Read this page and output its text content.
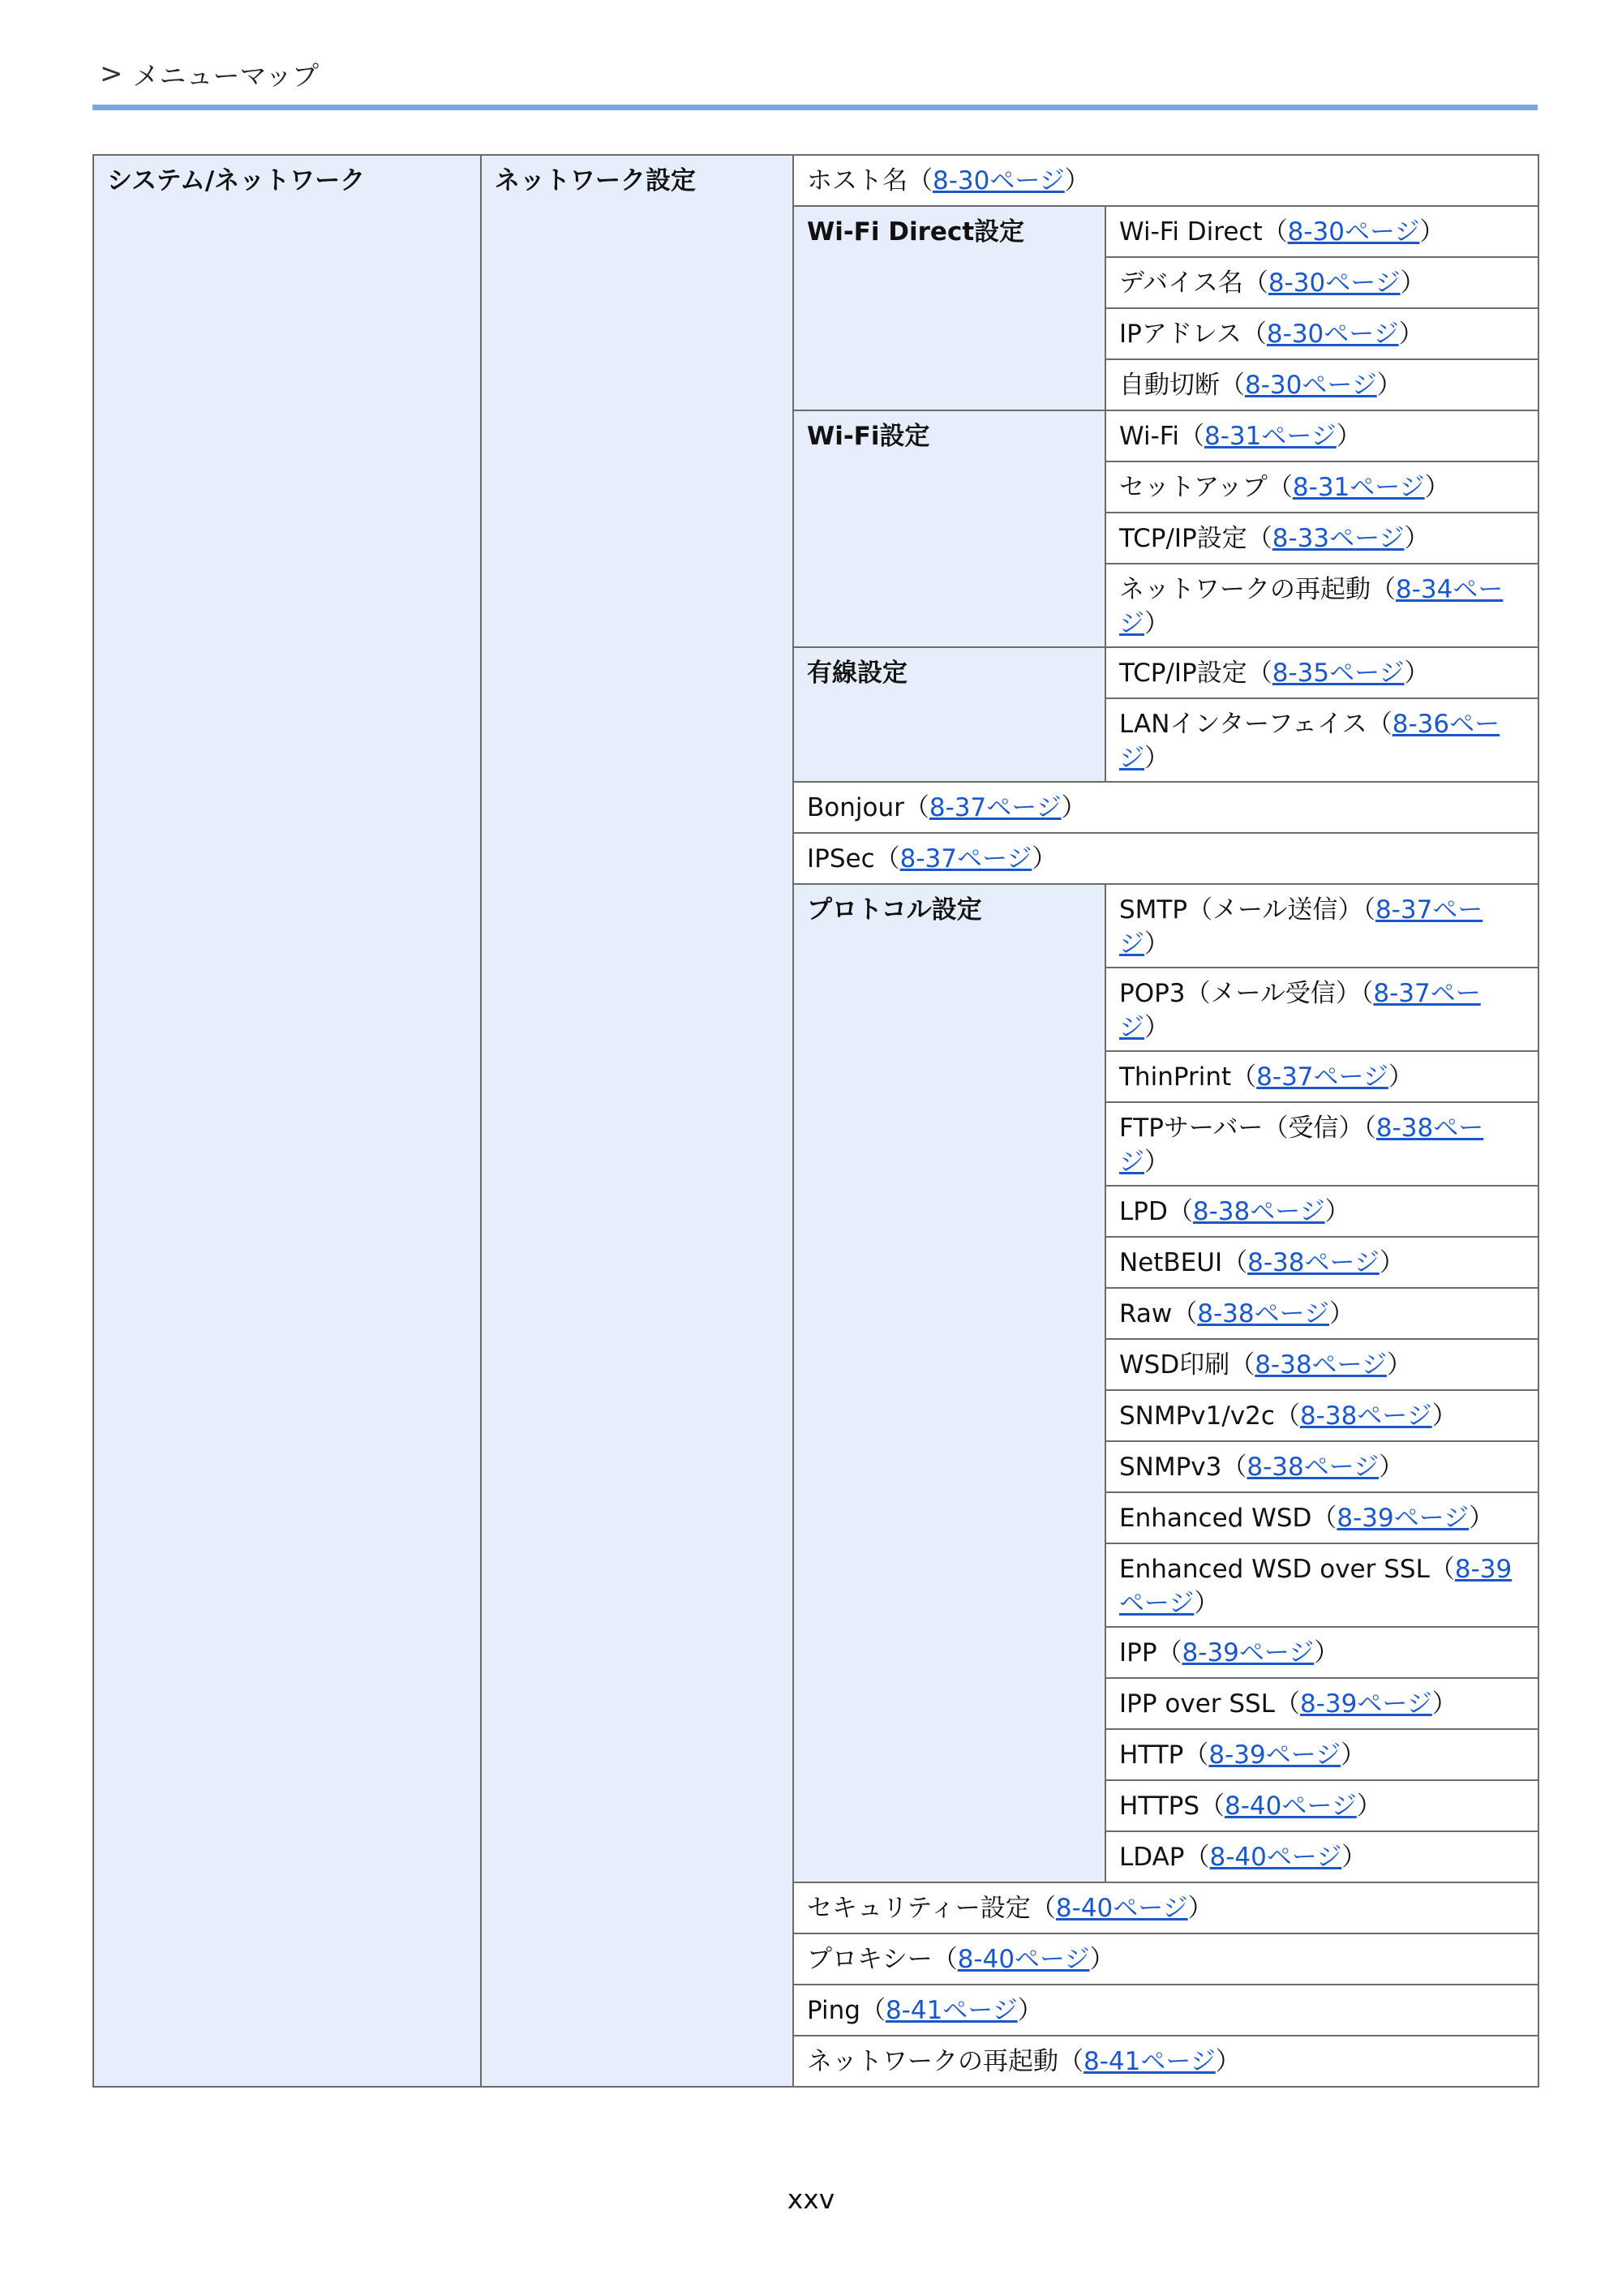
> メニューマップ
システム/ネットワーク	ネットワーク設定	ホスト名（8-30ページ）	
		Wi-Fi Direct設定	Wi-Fi Direct（8-30ページ）
			デバイス名（8-30ページ）
			IPアドレス（8-30ページ）
			自動切断（8-30ページ）
		Wi-Fi設定	Wi-Fi（8-31ページ）
			セットアップ（8-31ページ）
			TCP/IP設定（8-33ページ）
			ネットワークの再起動（8-34ページ）
		有線設定	TCP/IP設定（8-35ページ）
			LANインターフェイス（8-36ページ）
		Bonjour（8-37ページ）	
		IPSec（8-37ページ）	
		プロトコル設定	SMTP（メール送信）（8-37ページ）
			POP3（メール受信）（8-37ページ）
			ThinPrint（8-37ページ）
			FTPサーバー（受信）（8-38ページ）
			LPD（8-38ページ）
			NetBEUI（8-38ページ）
			Raw（8-38ページ）
			WSD印刷（8-38ページ）
			SNMPv1/v2c（8-38ページ）
			SNMPv3（8-38ページ）
			Enhanced WSD（8-39ページ）
			Enhanced WSD over SSL（8-39ページ）
			IPP（8-39ページ）
			IPP over SSL（8-39ページ）
			HTTP（8-39ページ）
			HTTPS（8-40ページ）
			LDAP（8-40ページ）
		セキュリティー設定（8-40ページ）	
		プロキシー（8-40ページ）	
		Ping（8-41ページ）	
		ネットワークの再起動（8-41ページ）	
xxv
